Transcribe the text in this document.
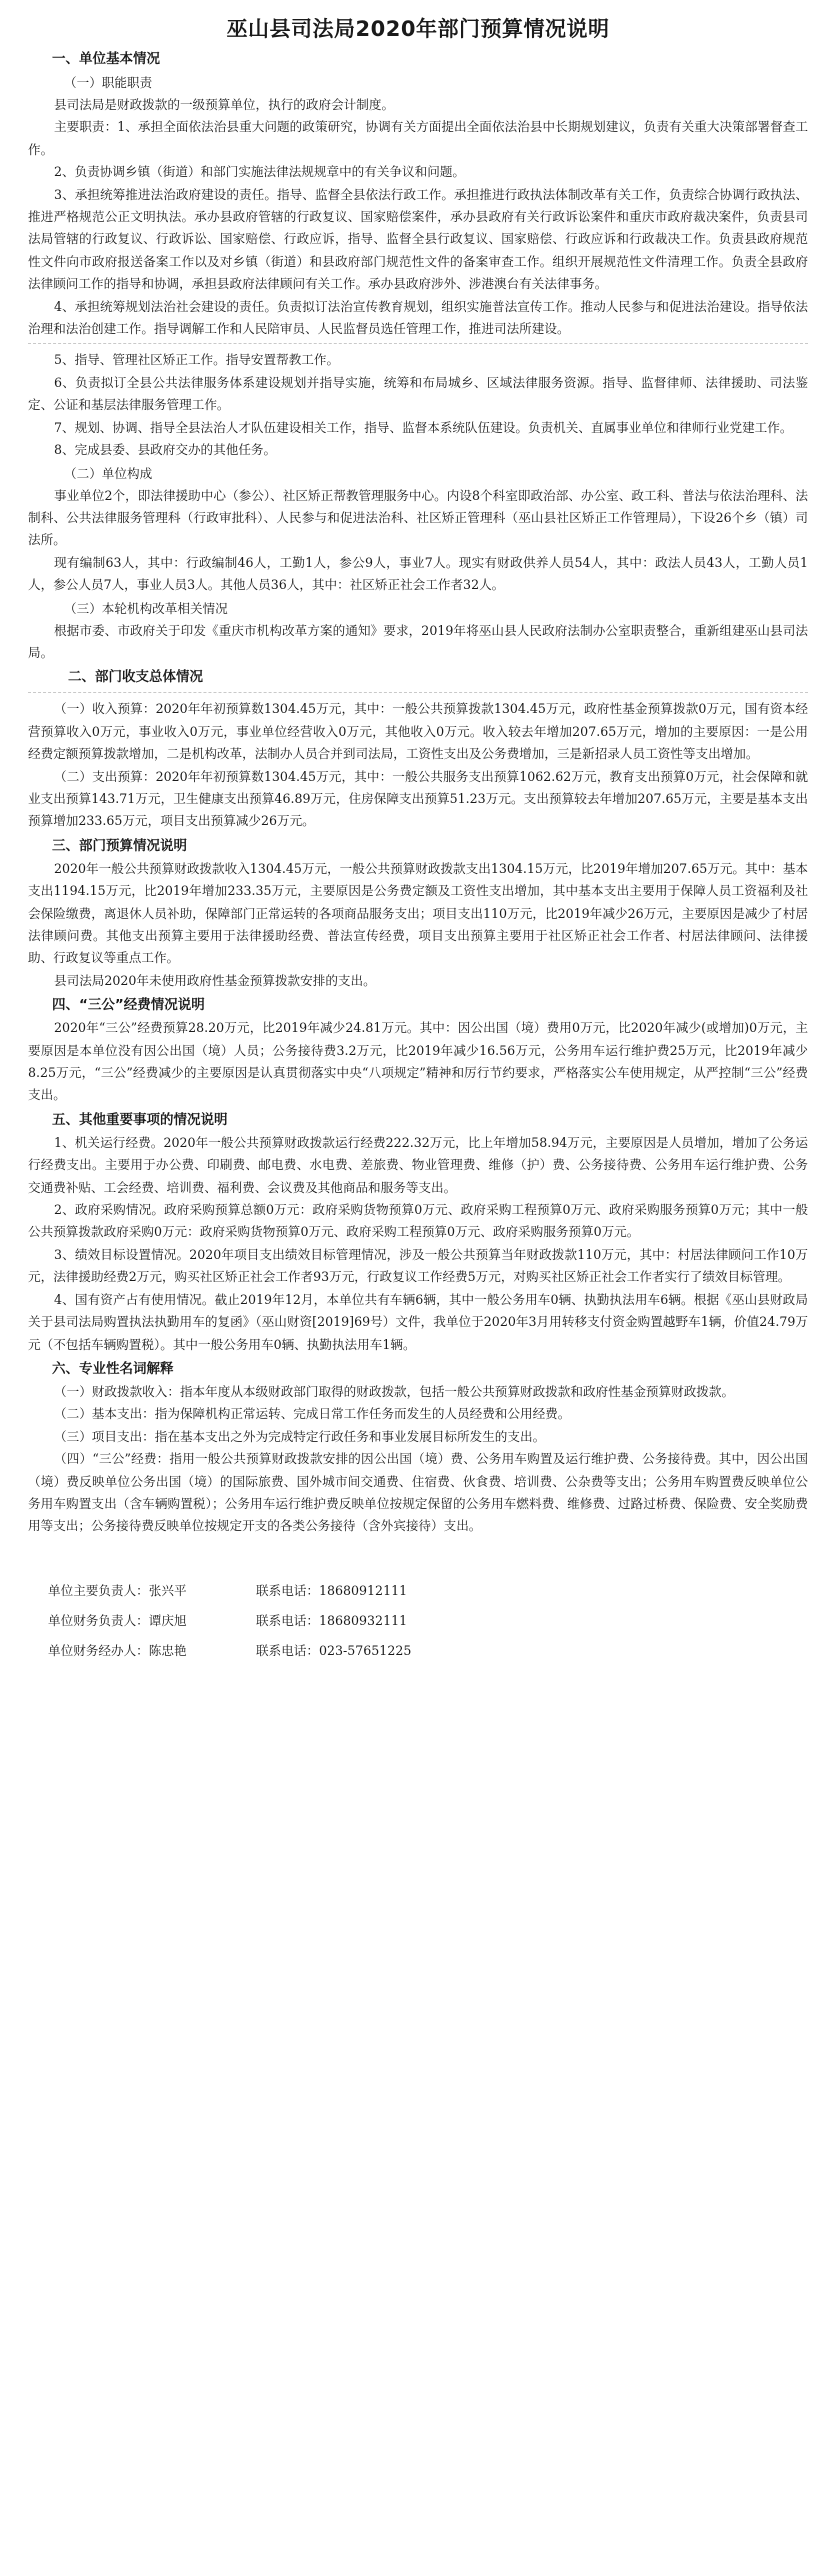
巫山县司法局2020年部门预算情况说明
一、单位基本情况
（一）职能职责

县司法局是财政拨款的一级预算单位，执行的政府会计制度。

主要职责：1、承担全面依法治县重大问题的政策研究，协调有关方面提出全面依法治县中长期规划建议，负责有关重大决策部署督查工作。

2、负责协调乡镇（街道）和部门实施法律法规规章中的有关争议和问题。

3、承担统筹推进法治政府建设的责任。指导、监督全县依法行政工作。承担推进行政执法体制改革有关工作，负责综合协调行政执法、推进严格规范公正文明执法。承办县政府管辖的行政复议、国家赔偿案件，承办县政府有关行政诉讼案件和重庆市政府裁决案件，负责县司法局管辖的行政复议、行政诉讼、国家赔偿、行政应诉，指导、监督全县行政复议、国家赔偿、行政应诉和行政裁决工作。负责县政府规范性文件向市政府报送备案工作以及对乡镇（街道）和县政府部门规范性文件的备案审查工作。组织开展规范性文件清理工作。负责全县政府法律顾问工作的指导和协调，承担县政府法律顾问有关工作。承办县政府涉外、涉港澳台有关法律事务。

4、承担统筹规划法治社会建设的责任。负责拟订法治宣传教育规划，组织实施普法宣传工作。推动人民参与和促进法治建设。指导依法治理和法治创建工作。指导调解工作和人民陪审员、人民监督员选任管理工作，推进司法所建设。

5、指导、管理社区矫正工作。指导安置帮教工作。

6、负责拟订全县公共法律服务体系建设规划并指导实施，统筹和布局城乡、区域法律服务资源。指导、监督律师、法律援助、司法鉴定、公证和基层法律服务管理工作。

7、规划、协调、指导全县法治人才队伍建设相关工作，指导、监督本系统队伍建设。负责机关、直属事业单位和律师行业党建工作。

8、完成县委、县政府交办的其他任务。

（二）单位构成

事业单位2个，即法律援助中心（参公）、社区矫正帮教管理服务中心。内设8个科室即政治部、办公室、政工科、普法与依法治理科、法制科、公共法律服务管理科（行政审批科）、人民参与和促进法治科、社区矫正管理科（巫山县社区矫正工作管理局），下设26个乡（镇）司法所。

现有编制63人，其中：行政编制46人，工勤1人，参公9人，事业7人。现实有财政供养人员54人，其中：政法人员43人，工勤人员1人，参公人员7人，事业人员3人。其他人员36人，其中：社区矫正社会工作者32人。

（三）本轮机构改革相关情况

根据市委、市政府关于印发《重庆市机构改革方案的通知》要求，2019年将巫山县人民政府法制办公室职责整合，重新组建巫山县司法局。

二、部门收支总体情况

（一）收入预算：2020年年初预算数1304.45万元，其中：一般公共预算拨款1304.45万元，政府性基金预算拨款0万元，国有资本经营预算收入0万元，事业收入0万元，事业单位经营收入0万元，其他收入0万元。收入较去年增加207.65万元，增加的主要原因：一是公用经费定额预算拨款增加，二是机构改革，法制办人员合并到司法局，工资性支出及公务费增加，三是新招录人员工资性等支出增加。

（二）支出预算：2020年年初预算数1304.45万元，其中：一般公共服务支出预算1062.62万元，教育支出预算0万元，社会保障和就业支出预算143.71万元，卫生健康支出预算46.89万元，住房保障支出预算51.23万元。支出预算较去年增加207.65万元，主要是基本支出预算增加233.65万元，项目支出预算减少26万元。

三、部门预算情况说明

2020年一般公共预算财政拨款收入1304.45万元，一般公共预算财政拨款支出1304.15万元，比2019年增加207.65万元。其中：基本支出1194.15万元，比2019年增加233.35万元，主要原因是公务费定额及工资性支出增加，其中基本支出主要用于保障人员工资福利及社会保险缴费，离退休人员补助，保障部门正常运转的各项商品服务支出；项目支出110万元，比2019年减少26万元，主要原因是减少了村居法律顾问费。其他支出预算主要用于法律援助经费、普法宣传经费，项目支出预算主要用于社区矫正社会工作者、村居法律顾问、法律援助、行政复议等重点工作。

县司法局2020年未使用政府性基金预算拨款安排的支出。

四、“三公”经费情况说明

2020年“三公”经费预算28.20万元，比2019年减少24.81万元。其中：因公出国（境）费用0万元，比2020年减少(或增加)0万元，主要原因是本单位没有因公出国（境）人员；公务接待费3.2万元，比2019年减少16.56万元，公务用车运行维护费25万元，比2019年减少8.25万元，“三公”经费减少的主要原因是认真贯彻落实中央“八项规定”精神和厉行节约要求，严格落实公车使用规定，从严控制“三公”经费支出。

五、其他重要事项的情况说明

1、机关运行经费。2020年一般公共预算财政拨款运行经费222.32万元，比上年增加58.94万元，主要原因是人员增加，增加了公务运行经费支出。主要用于办公费、印刷费、邮电费、水电费、差旅费、物业管理费、维修（护）费、公务接待费、公务用车运行维护费、公务交通费补贴、工会经费、培训费、福利费、会议费及其他商品和服务等支出。

2、政府采购情况。政府采购预算总额0万元：政府采购货物预算0万元、政府采购工程预算0万元、政府采购服务预算0万元；其中一般公共预算拨款政府采购0万元：政府采购货物预算0万元、政府采购工程预算0万元、政府采购服务预算0万元。

3、绩效目标设置情况。2020年项目支出绩效目标管理情况，涉及一般公共预算当年财政拨款110万元，其中：村居法律顾问工作10万元，法律援助经费2万元，购买社区矫正社会工作者93万元，行政复议工作经费5万元，对购买社区矫正社会工作者实行了绩效目标管理。

4、国有资产占有使用情况。截止2019年12月，本单位共有车辆6辆，其中一般公务用车0辆、执勤执法用车6辆。根据《巫山县财政局关于县司法局购置执法执勤用车的复函》（巫山财资[2019]69号）文件，我单位于2020年3月用转移支付资金购置越野车1辆，价值24.79万元（不包括车辆购置税）。其中一般公务用车0辆、执勤执法用车1辆。

六、专业性名词解释

（一）财政拨款收入：指本年度从本级财政部门取得的财政拨款，包括一般公共预算财政拨款和政府性基金预算财政拨款。

（二）基本支出：指为保障机构正常运转、完成日常工作任务而发生的人员经费和公用经费。

（三）项目支出：指在基本支出之外为完成特定行政任务和事业发展目标所发生的支出。

（四）“三公”经费：指用一般公共预算财政拨款安排的因公出国（境）费、公务用车购置及运行维护费、公务接待费。其中，因公出国（境）费反映单位公务出国（境）的国际旅费、国外城市间交通费、住宿费、伙食费、培训费、公杂费等支出；公务用车购置费反映单位公务用车购置支出（含车辆购置税）；公务用车运行维护费反映单位按规定保留的公务用车燃料费、维修费、过路过桥费、保险费、安全奖励费用等支出；公务接待费反映单位按规定开支的各类公务接待（含外宾接待）支出。

单位主要负责人：张兴平	联系电话：18680912111
单位财务负责人：谭庆旭	联系电话：18680932111
单位财务经办人：陈忠艳	联系电话：023-57651225
